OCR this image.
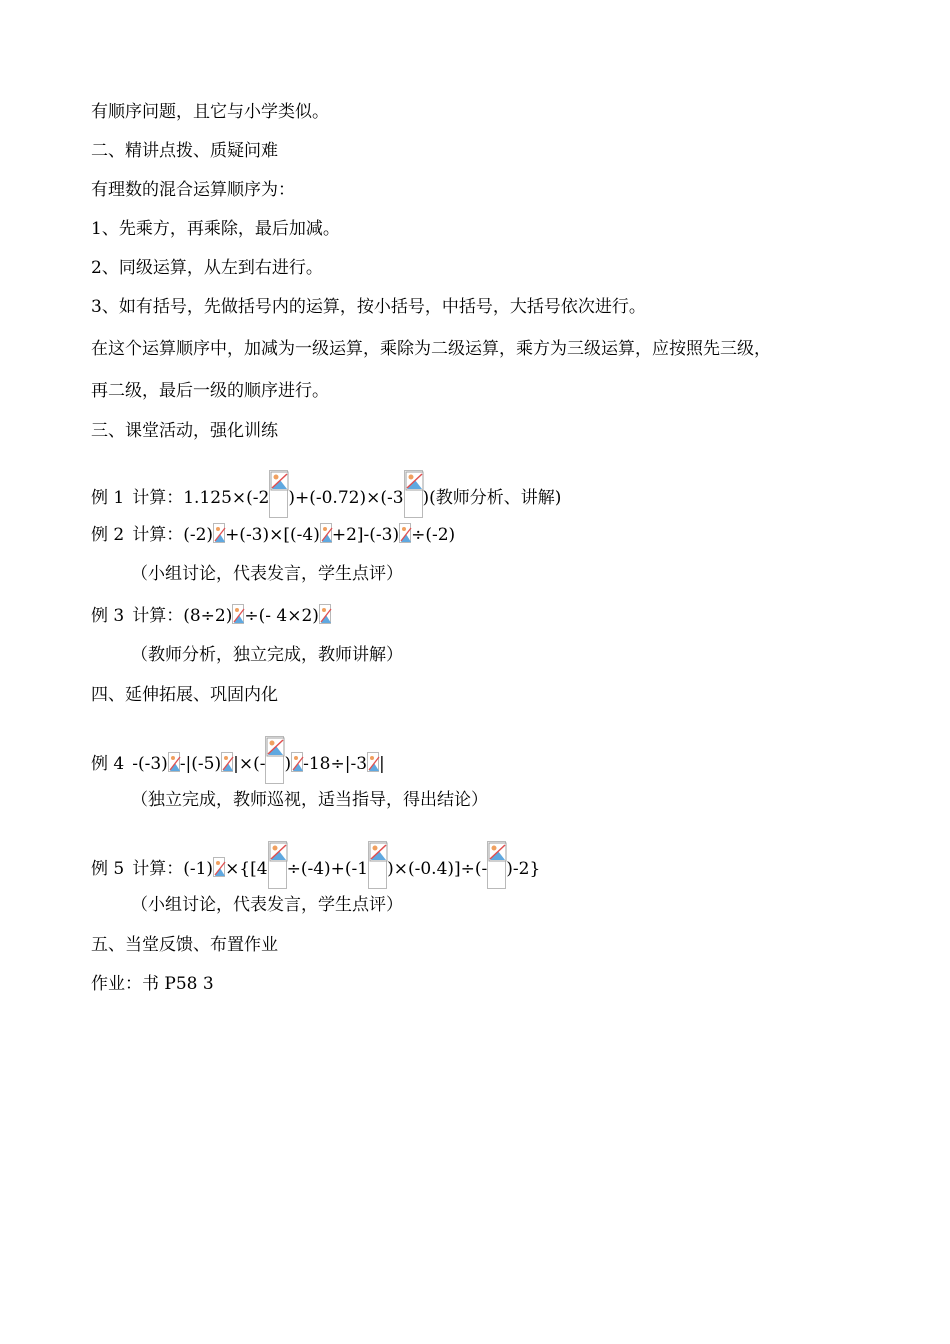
有顺序问题，且它与小学类似。
二、精讲点拨、质疑问难
有理数的混合运算顺序为：
1、先乘方，再乘除，最后加减。
2、同级运算，从左到右进行。
3、如有括号，先做括号内的运算，按小括号，中括号，大括号依次进行。
在这个运算顺序中，加减为一级运算，乘除为二级运算，乘方为三级运算，应按照先三级，
再二级，最后一级的顺序进行。
三、课堂活动，强化训练
例 1 计算：1.125×(-2 )+(-0.72)×(-3 )(教师分析、讲解)
例 2 计算：(-2) +(-3)×[(-4) +2]-(-3) ÷(-2)
（小组讨论，代表发言，学生点评）
例 3 计算：(8÷2) ÷(- 4×2)
（教师分析，独立完成，教师讲解）
四、延伸拓展、巩固内化
例 4 -(-3) -|(-5) |×(- ) -18÷|-3 |
（独立完成，教师巡视，适当指导，得出结论）
例 5 计算：(-1) ×{[4 ÷(-4)+(-1 )×(-0.4)]÷(- )-2}
（小组讨论，代表发言，学生点评）
五、当堂反馈、布置作业
作业：书 P58 3
